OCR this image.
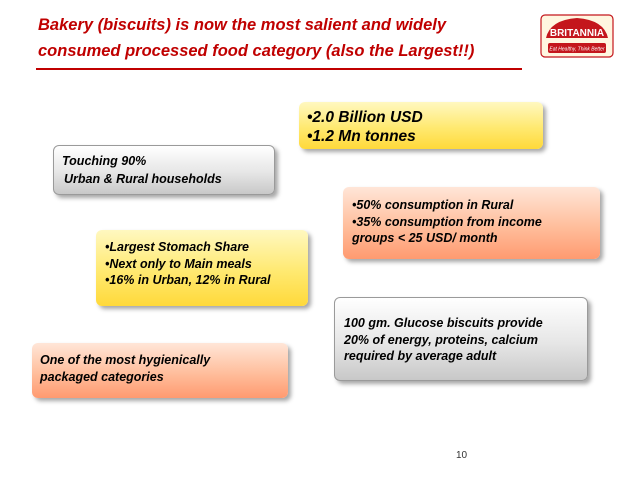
Bakery (biscuits) is now the most salient and widely
consumed processed food category (also the Largest!!)
BRITANNIA
Eat Healthy, Think Better
•2.0 Billion USD
•1.2 Mn tonnes
Touching 90%
Urban & Rural households
•50% consumption in Rural
•35% consumption from income
groups < 25 USD/ month
•Largest Stomach Share
•Next only to Main meals
•16% in Urban, 12% in Rural
100 gm. Glucose biscuits provide
20% of energy, proteins, calcium
required by average adult
One of the most hygienically
packaged categories
10
